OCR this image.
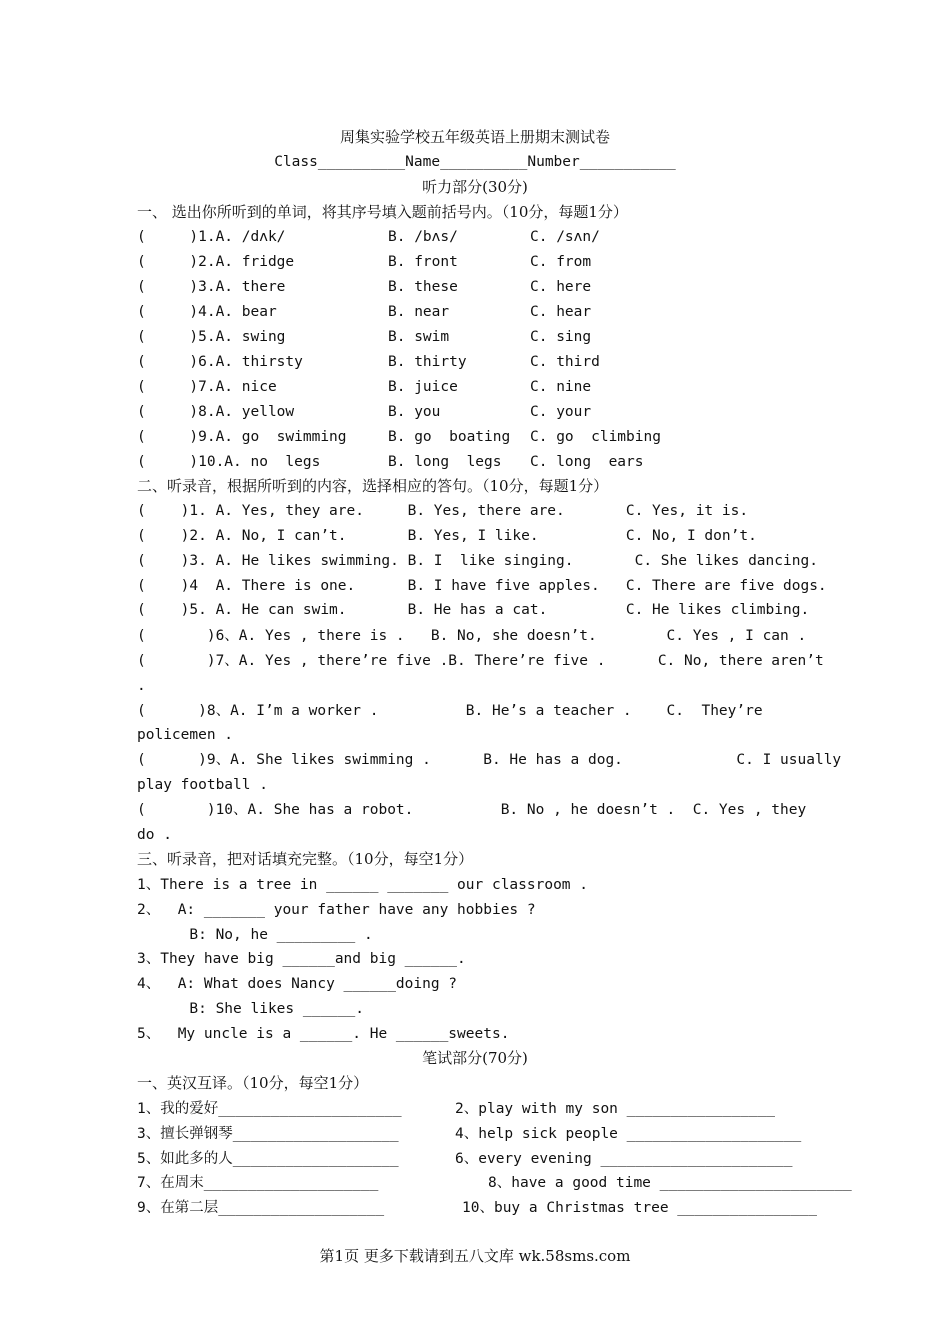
周集实验学校五年级英语上册期末测试卷
Class__________Name__________Number___________
听力部分(30分)
一、 选出你所听到的单词，将其序号填入题前括号内。（10分，每题1分）
(     )1.A. /dʌk/	B. /bʌs/	C. /sʌn/
(     )2.A. fridge	B. front	C. from
(     )3.A. there	B. these	C. here
(     )4.A. bear	B. near	C. hear
(     )5.A. swing	B. swim	C. sing
(     )6.A. thirsty	B. thirty	C. third
(     )7.A. nice	B. juice	C. nine
(     )8.A. yellow	B. you	C. your
(     )9.A. go  swimming	B. go  boating C. go  climbing
(     )10.A. no  legs	B. long  legs C. long  ears
二、听录音，根据所听到的内容，选择相应的答句。（10分，每题1分）
(    )1. A. Yes, they are.     B. Yes, there are.       C. Yes, it is.
(    )2. A. No, I can’t.       B. Yes, I like.          C. No, I don’t.
(    )3. A. He likes swimming. B. I  like singing.       C. She likes dancing.
(    )4  A. There is one.      B. I have five apples.   C. There are five dogs.
(    )5. A. He can swim.       B. He has a cat.         C. He likes climbing.
(       )6、A. Yes , there is .   B. No, she doesn’t.        C. Yes , I can .
(       )7、A. Yes , there’re five .B. There’re five .      C. No, there aren’t
.
(      )8、A. I’m a worker .          B. He’s a teacher .    C.  They’re
policemen .
(      )9、A. She likes swimming .      B. He has a dog.             C. I usually
play football .
(       )10、A. She has a robot.          B. No , he doesn’t .  C. Yes , they
do .
三、听录音，把对话填充完整。（10分，每空1分）
1、There is a tree in ______ _______ our classroom .
2、  A: _______ your father have any hobbies ?
B: No, he _________ .
3、They have big ______and big ______.
4、  A: What does Nancy ______doing ?
B: She likes ______.
5、  My uncle is a ______. He ______sweets.
笔试部分(70分)
一、英汉互译。（10分，每空1分）
1、我的爱好_____________________	2、play with my son _________________
3、擅长弹钢琴___________________	4、help sick people ____________________
5、如此多的人___________________	6、every evening ______________________
7、在周末____________________	8、have a good time ______________________
9、在第二层___________________	10、buy a Christmas tree ________________
第1页 更多下载请到五八文库 wk.58sms.com
